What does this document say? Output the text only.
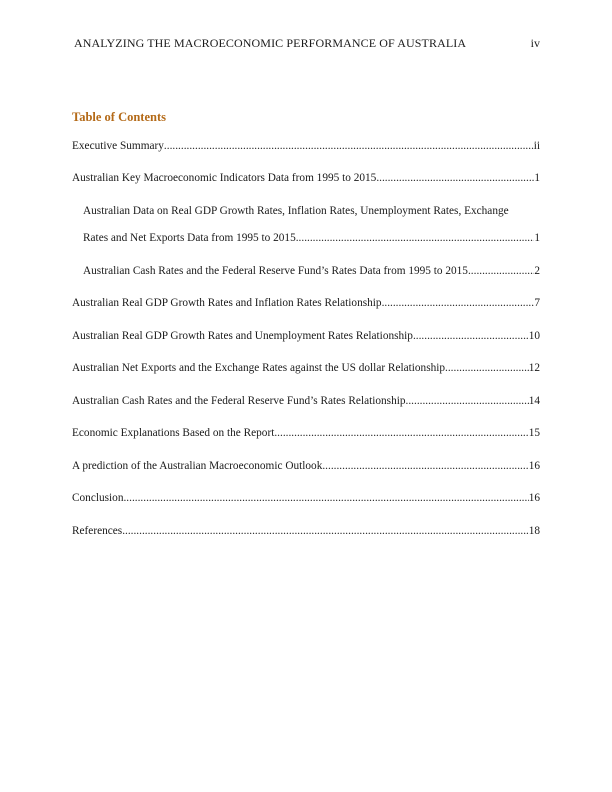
ANALYZING THE MACROECONOMIC PERFORMANCE OF AUSTRALIA	iv
Table of Contents
Executive Summary .....	ii
Australian Key Macroeconomic Indicators Data from 1995 to 2015 .....	1
Australian Data on Real GDP Growth Rates, Inflation Rates, Unemployment Rates, Exchange
Rates and Net Exports Data from 1995 to 2015 .....	1
Australian Cash Rates and the Federal Reserve Fund’s Rates Data from 1995 to 2015 .....	2
Australian Real GDP Growth Rates and Inflation Rates Relationship .....	7
Australian Real GDP Growth Rates and Unemployment Rates Relationship .....	10
Australian Net Exports and the Exchange Rates against the US dollar Relationship .....	12
Australian Cash Rates and the Federal Reserve Fund’s Rates Relationship .....	14
Economic Explanations Based on the Report .....	15
A prediction of the Australian Macroeconomic Outlook .....	16
Conclusion .....	16
References .....	18
